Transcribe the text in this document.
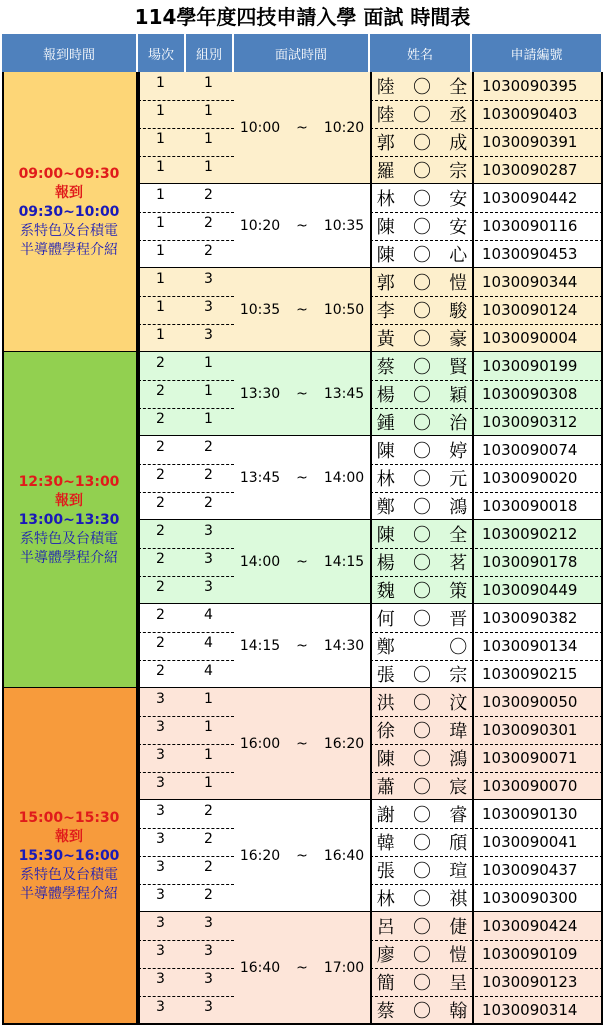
114學年度四技申請入學 面試 時間表
報到時間	場次	組別	面試時間	姓名	申請編號
09:00~09:30
報到
09:30~10:00
系特色及台積電
半導體學程介紹
10:00	~	10:20
1	1	陸	〇	全 1030090395
1	1	陸	〇	丞 1030090403
1	1	郭	〇	成 1030090391
1	1	羅	〇	宗 1030090287
10:20	~	10:35
1	2	林	〇	安 1030090442
1	2	陳	〇	安 1030090116
1	2	陳	〇	心 1030090453
10:35	~	10:50
1	3	郭	〇	愷 1030090344
1	3	李	〇	駿 1030090124
1	3	黃	〇	豪 1030090004
12:30~13:00
報到
13:00~13:30
系特色及台積電
半導體學程介紹
13:30	~	13:45
2	1	蔡	〇	賢 1030090199
2	1	楊	〇	穎 1030090308
2	1	鍾	〇	治 1030090312
13:45	~	14:00
2	2	陳	〇	婷 1030090074
2	2	林	〇	元 1030090020
2	2	鄭	〇	鴻 1030090018
14:00	~	14:15
2	3	陳	〇	全 1030090212
2	3	楊	〇	茗 1030090178
2	3	魏	〇	策 1030090449
14:15	~	14:30
2	4	何	〇	晋 1030090382
2	4	鄭	〇 1030090134
2	4	張	〇	宗 1030090215
15:00~15:30
報到
15:30~16:00
系特色及台積電
半導體學程介紹
16:00	~	16:20
3	1	洪	〇	汶 1030090050
3	1	徐	〇	瑋 1030090301
3	1	陳	〇	鴻 1030090071
3	1	蕭	〇	宸 1030090070
16:20	~	16:40
3	2	謝	〇	睿 1030090130
3	2	韓	〇	頎 1030090041
3	2	張	〇	瑄 1030090437
3	2	林	〇	祺 1030090300
16:40	~	17:00
3	3	呂	〇	倢 1030090424
3	3	廖	〇	愷 1030090109
3	3	簡	〇	呈 1030090123
3	3	蔡	〇	翰 1030090314
